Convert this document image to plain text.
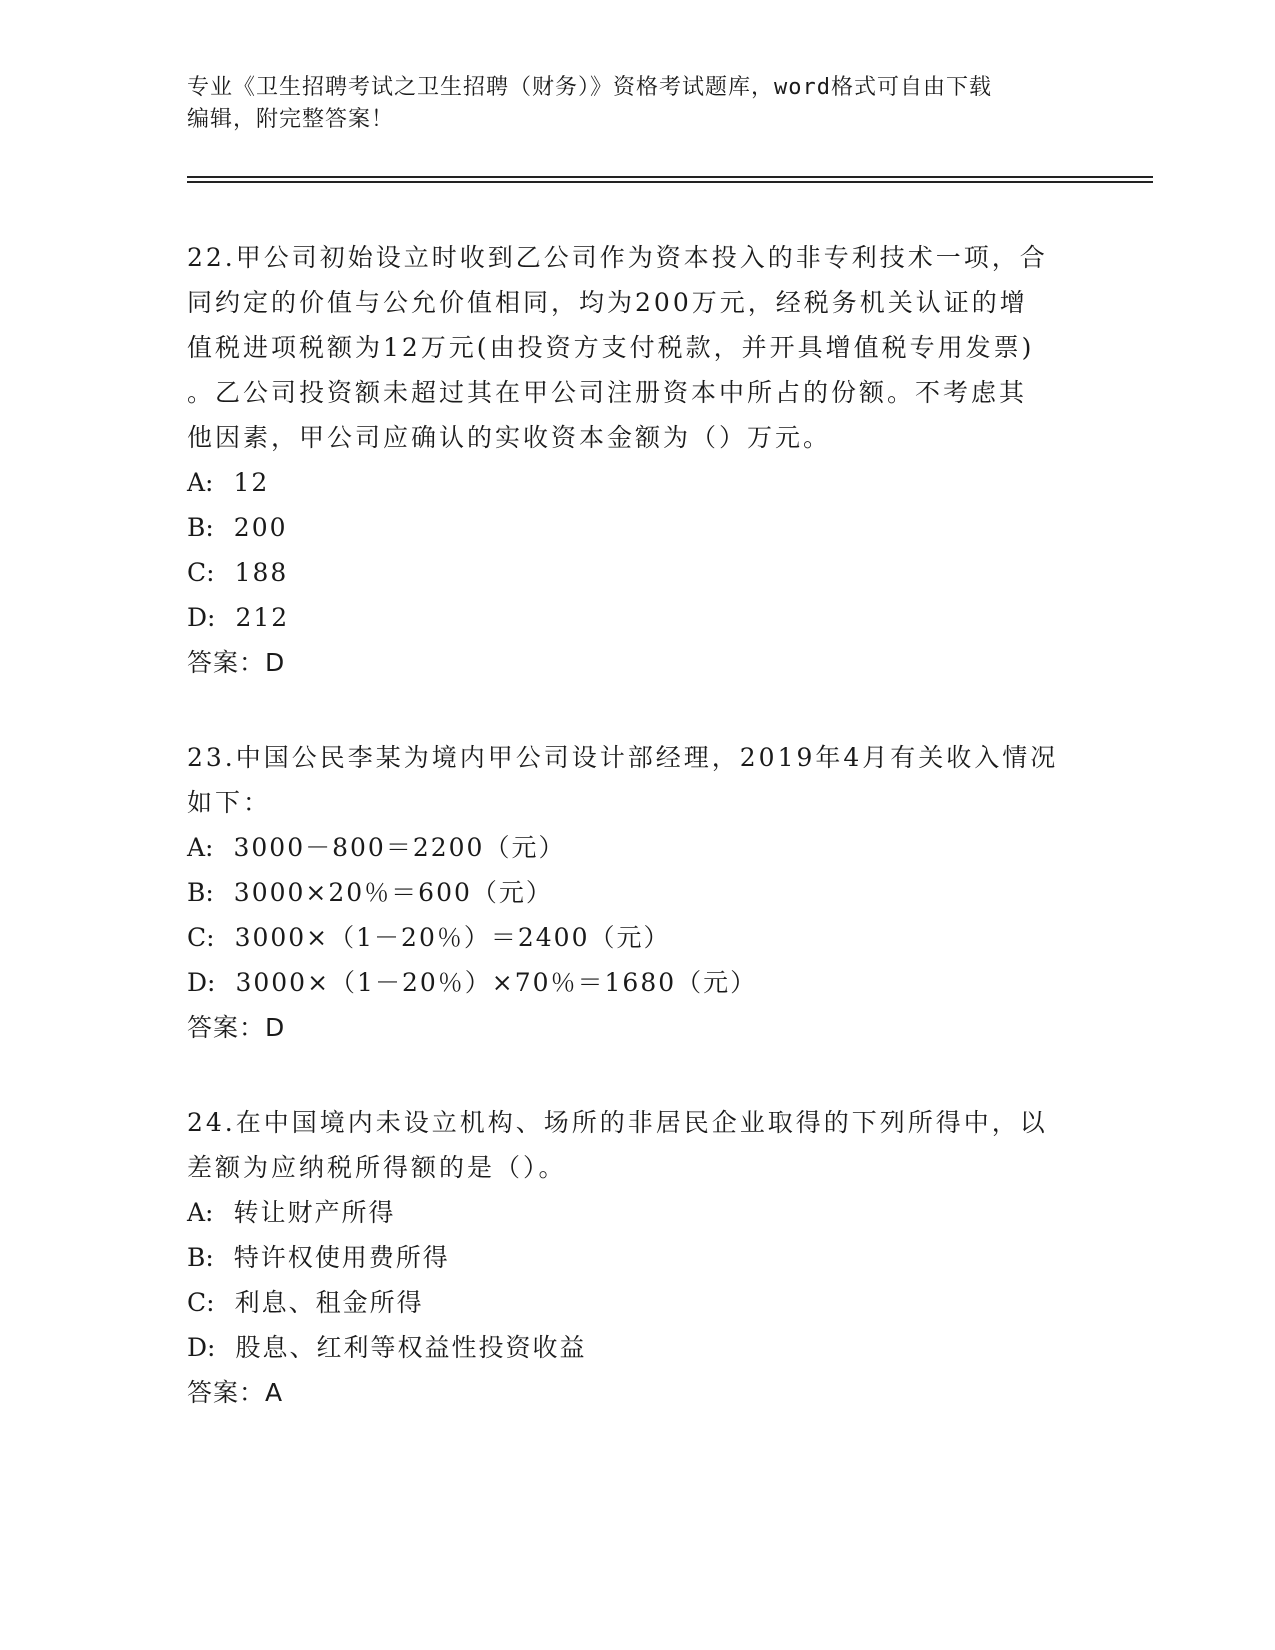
专业《卫生招聘考试之卫生招聘（财务）》资格考试题库，word格式可自由下载
编辑，附完整答案！

22.甲公司初始设立时收到乙公司作为资本投入的非专利技术一项，合

同约定的价值与公允价值相同，均为200万元，经税务机关认证的增

值税进项税额为12万元(由投资方支付税款，并开具增值税专用发票)

。乙公司投资额未超过其在甲公司注册资本中所占的份额。不考虑其

他因素，甲公司应确认的实收资本金额为（）万元。

A: 12

B: 200

C: 188

D: 212

答案：D

23.中国公民李某为境内甲公司设计部经理，2019年4月有关收入情况

如下：

A: 3000－800＝2200（元）

B: 3000×20％＝600（元）

C: 3000×（1－20％）＝2400（元）

D: 3000×（1－20％）×70％＝1680（元）

答案：D

24.在中国境内未设立机构、场所的非居民企业取得的下列所得中，以

差额为应纳税所得额的是（）。

A: 转让财产所得

B: 特许权使用费所得

C: 利息、租金所得

D: 股息、红利等权益性投资收益

答案：A
